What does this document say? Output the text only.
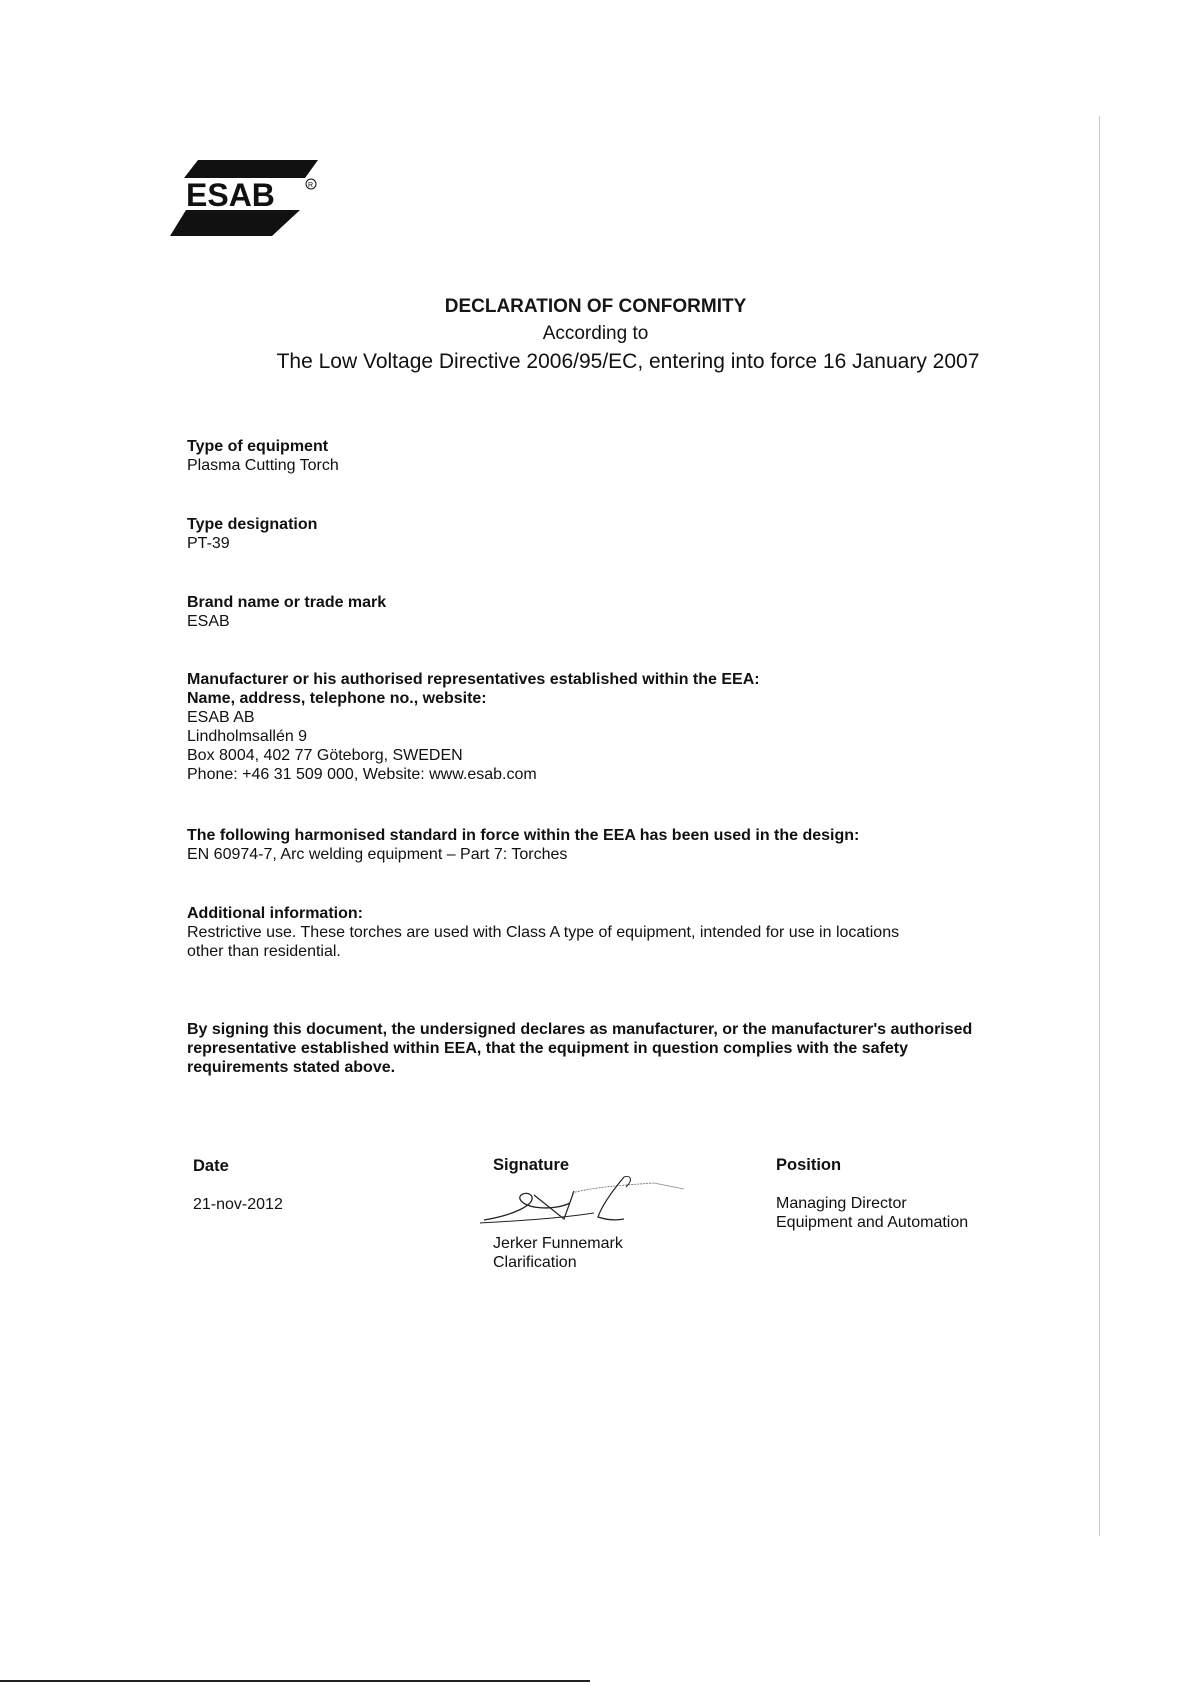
ESAB	R
DECLARATION OF CONFORMITY
According to
The Low Voltage Directive 2006/95/EC, entering into force 16 January 2007
Type of equipment
Plasma Cutting Torch
Type designation
PT-39
Brand name or trade mark
ESAB
Manufacturer or his authorised representatives established within the EEA:
Name, address, telephone no., website:
ESAB AB
Lindholmsallén 9
Box 8004, 402 77 Göteborg, SWEDEN
Phone: +46 31 509 000, Website: www.esab.com
The following harmonised standard in force within the EEA has been used in the design:
EN 60974-7, Arc welding equipment – Part 7: Torches
Additional information:
Restrictive use. These torches are used with Class A type of equipment, intended for use in locations
other than residential.
By signing this document, the undersigned declares as manufacturer, or the manufacturer's authorised
representative established within EEA, that the equipment in question complies with the safety
requirements stated above.
Date
21-nov-2012
Signature
Jerker Funnemark
Clarification
Position
Managing Director
Equipment and Automation
